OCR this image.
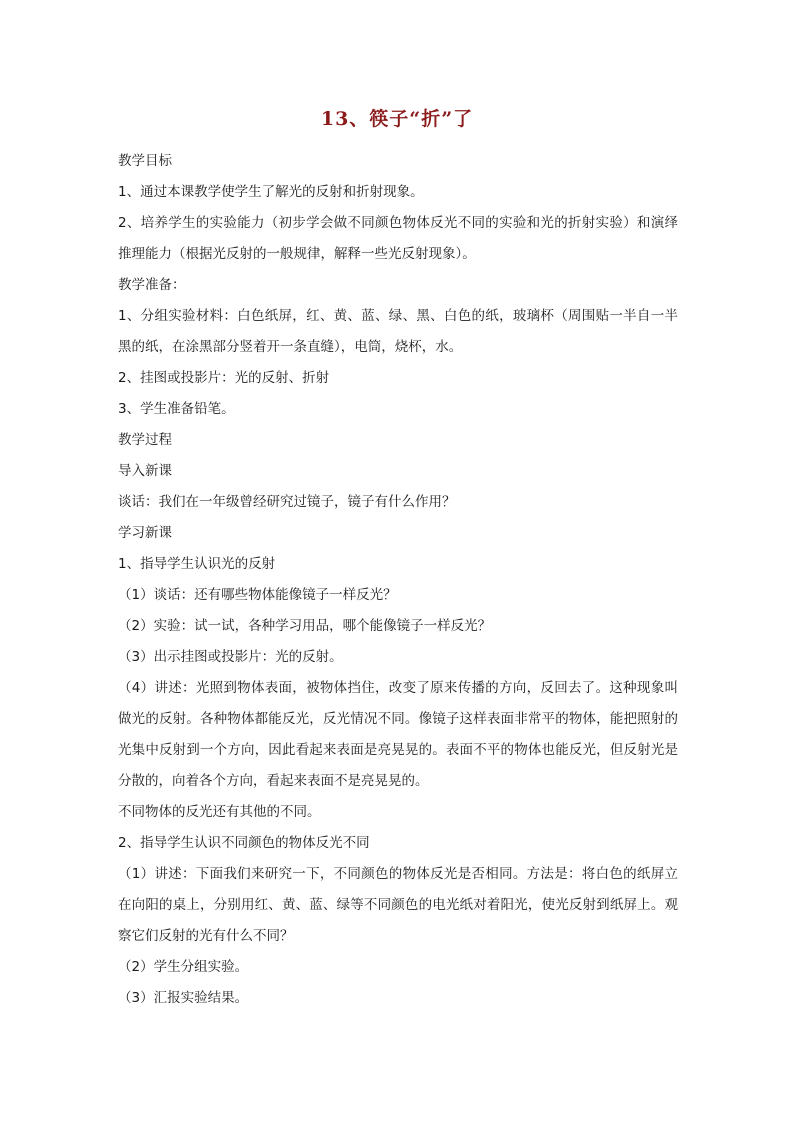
13、筷子“折”了

教学目标

1、通过本课教学使学生了解光的反射和折射现象。

2、培养学生的实验能力（初步学会做不同颜色物体反光不同的实验和光的折射实验）和演绎推理能力（根据光反射的一般规律，解释一些光反射现象）。

教学准备：

1、分组实验材料：白色纸屏，红、黄、蓝、绿、黑、白色的纸，玻璃杯（周围贴一半自一半黑的纸，在涂黑部分竖着开一条直缝），电筒，烧杯，水。

2、挂图或投影片：光的反射、折射

3、学生准备铅笔。

教学过程

导入新课

谈话：我们在一年级曾经研究过镜子，镜子有什么作用？

学习新课

1、指导学生认识光的反射

（1）谈话：还有哪些物体能像镜子一样反光？

（2）实验：试一试，各种学习用品，哪个能像镜子一样反光？

（3）出示挂图或投影片：光的反射。

（4）讲述：光照到物体表面，被物体挡住，改变了原来传播的方向，反回去了。这种现象叫做光的反射。各种物体都能反光，反光情况不同。像镜子这样表面非常平的物体，能把照射的光集中反射到一个方向，因此看起来表面是亮晃晃的。表面不平的物体也能反光，但反射光是分散的，向着各个方向，看起来表面不是亮晃晃的。

不同物体的反光还有其他的不同。

2、指导学生认识不同颜色的物体反光不同

（1）讲述：下面我们来研究一下，不同颜色的物体反光是否相同。方法是：将白色的纸屏立在向阳的桌上，分别用红、黄、蓝、绿等不同颜色的电光纸对着阳光，使光反射到纸屏上。观察它们反射的光有什么不同？

（2）学生分组实验。

（3）汇报实验结果。
